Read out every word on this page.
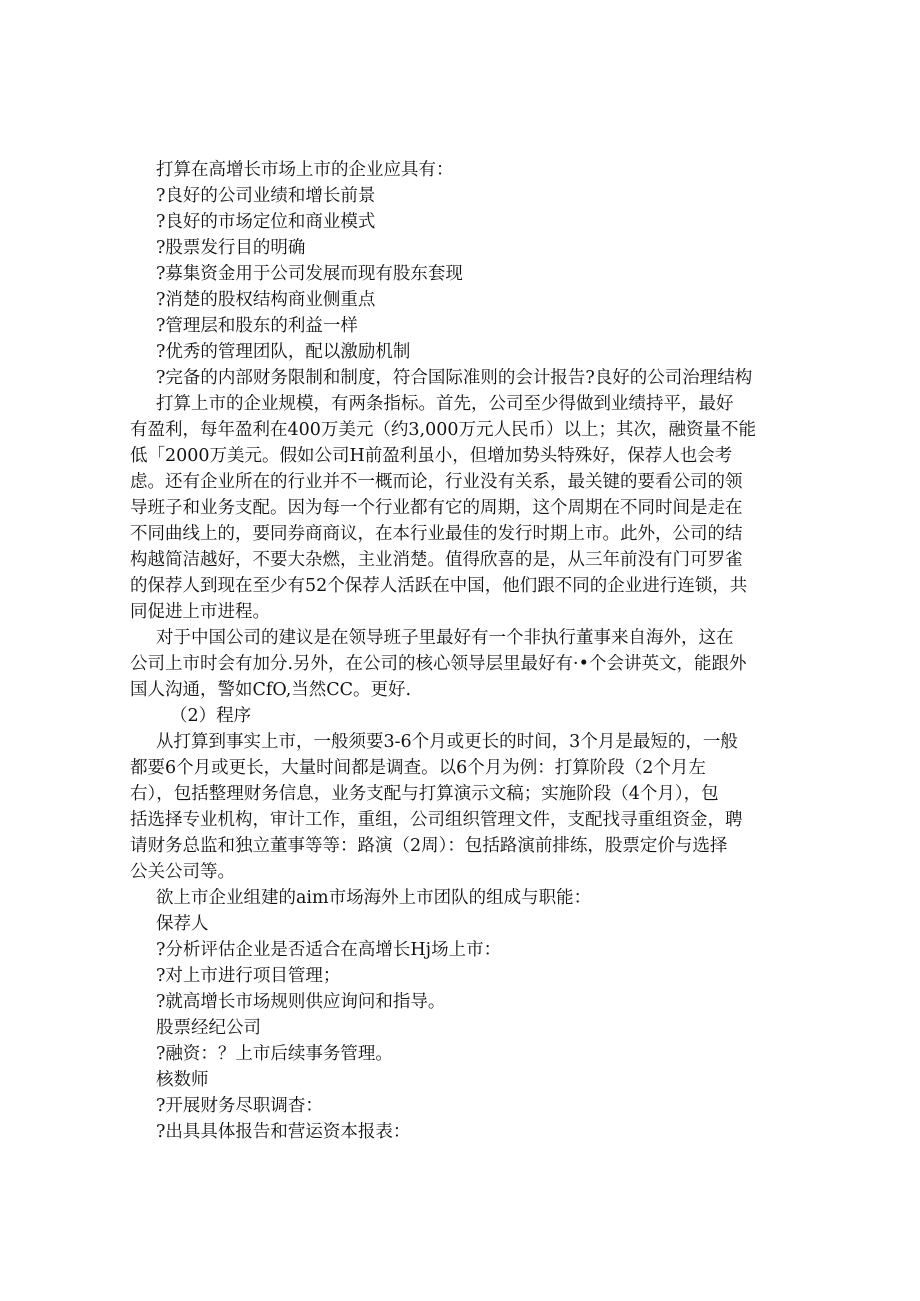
打算在高增长市场上市的企业应具有：
?良好的公司业绩和增长前景
?良好的市场定位和商业模式
?股票发行目的明确
?募集资金用于公司发展而现有股东套现
?消楚的股权结构商业侧重点
?管理层和股东的利益一样
?优秀的管理团队，配以激励机制
?完备的内部财务限制和制度，符合国际准则的会计报告?良好的公司治理结构
打算上市的企业规模，有两条指标。首先，公司至少得做到业绩持平，最好
有盈利，每年盈利在400万美元（约3,000万元人民币）以上；其次，融资量不能
低「2000万美元。假如公司H前盈利虽小，但增加势头特殊好，保荐人也会考
虑。还有企业所在的行业并不一概而论，行业没有关系，最关键的要看公司的领
导班子和业务支配。因为每一个行业都有它的周期，这个周期在不同时间是走在
不同曲线上的，要同券商商议，在本行业最佳的发行时期上市。此外，公司的结
构越简洁越好，不要大杂燃，主业消楚。值得欣喜的是，从三年前没有门可罗雀
的保荐人到现在至少有52个保荐人活跃在中国，他们跟不同的企业进行连锁，共
同促进上市进程。
对于中国公司的建议是在领导班子里最好有一个非执行董事来自海外，这在
公司上市时会有加分.另外，在公司的核心领导层里最好有·•个会讲英文，能跟外
国人沟通，警如CfO,当然CC。更好.
（2）程序
从打算到事实上市，一般须要3-6个月或更长的时间，3个月是最短的，一般
都要6个月或更长，大量时间都是调查。以6个月为例：打算阶段（2个月左
右），包括整理财务信息，业务支配与打算演示文稿；实施阶段（4个月），包
括选择专业机构，审计工作，重组，公司组织管理文件，支配找寻重组资金，聘
请财务总监和独立董事等等：路演（2周）：包括路演前排练，股票定价与选择
公关公司等。
欲上市企业组建的aim市场海外上市团队的组成与职能：
保荐人
?分析评估企业是否适合在高增长Hj场上市：
?对上市进行项目管理；
?就高增长市场规则供应询问和指导。
股票经纪公司
?融资：？上市后续事务管理。
核数师
?开展财务尽职调杳：
?出具具体报告和营运资本报表：
